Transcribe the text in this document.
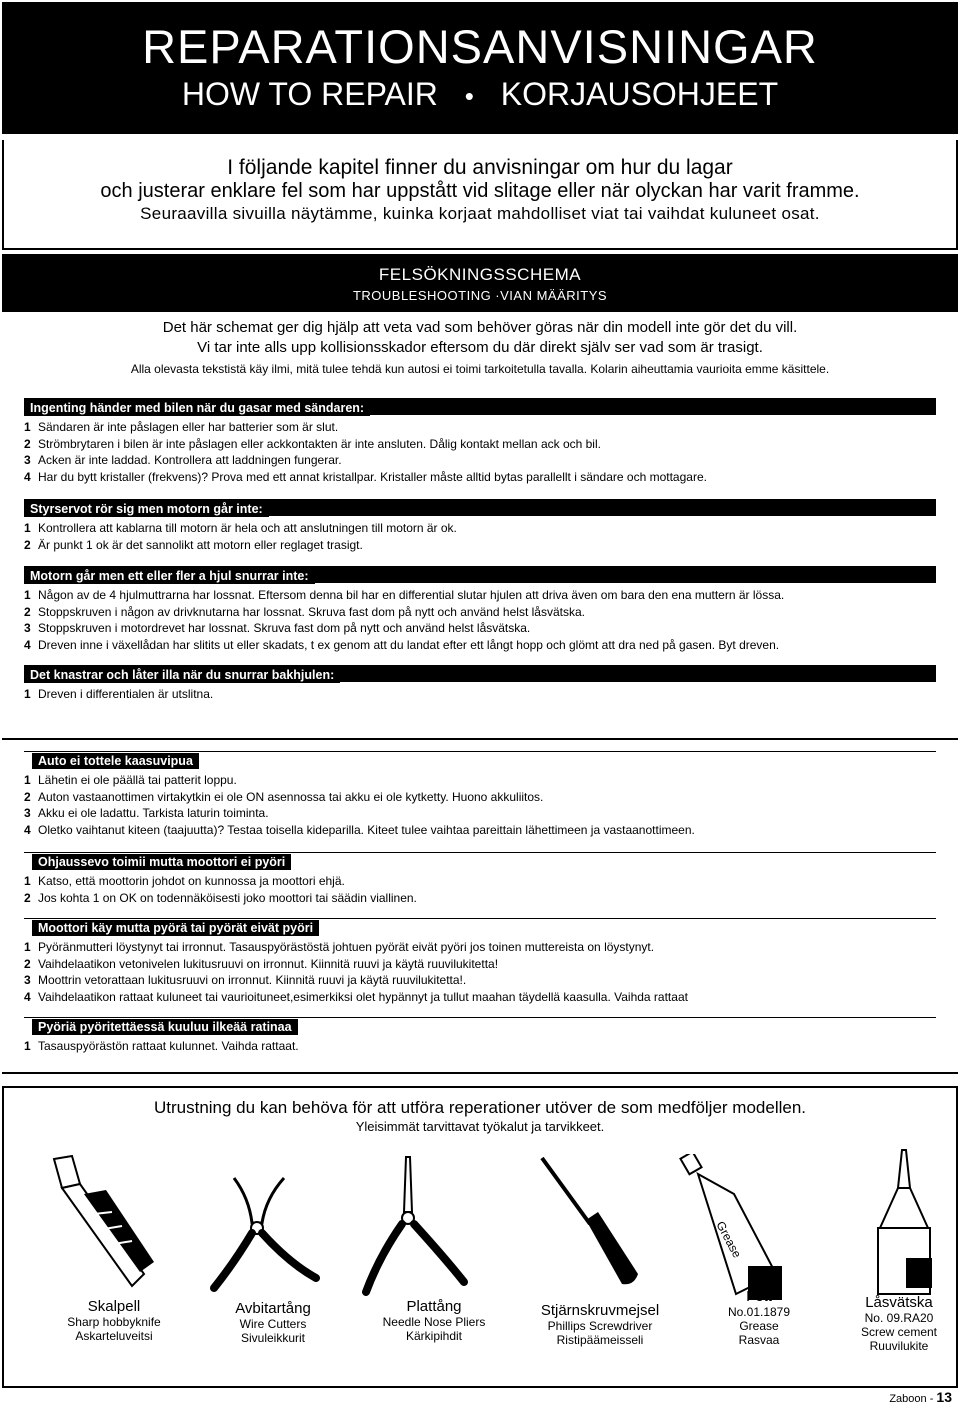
REPARATIONSANVISNINGAR
HOW TO REPAIR • KORJAUSOHJEET
I följande kapitel finner du anvisningar om hur du lagar
och justerar enklare fel som har uppstått vid slitage eller när olyckan har varit framme.
Seuraavilla sivuilla näytämme, kuinka korjaat mahdolliset viat tai vaihdat kuluneet osat.
FELSÖKNINGSSCHEMA
TROUBLESHOOTING ·VIAN MÄÄRITYS
Det här schemat ger dig hjälp att veta vad som behöver göras när din modell inte gör det du vill.
Vi tar inte alls upp kollisionsskador eftersom du där direkt själv ser vad som är trasigt.
Alla olevasta tekstistä käy ilmi, mitä tulee tehdä kun autosi ei toimi tarkoitetulla tavalla. Kolarin aiheuttamia vaurioita emme käsittele.
Ingenting händer med bilen när du gasar med sändaren:
1 Sändaren är inte påslagen eller har batterier som är slut.
2 Strömbrytaren i bilen är inte påslagen eller ackkontakten är inte ansluten. Dålig kontakt mellan ack och bil.
3 Acken är inte laddad. Kontrollera att laddningen fungerar.
4 Har du bytt kristaller (frekvens)? Prova med ett annat kristallpar. Kristaller måste alltid bytas parallellt i sändare och mottagare.
Styrservot rör sig men motorn går inte:
1 Kontrollera att kablarna till motorn är hela och att anslutningen till motorn är ok.
2 Är punkt 1 ok är det sannolikt att motorn eller reglaget trasigt.
Motorn går men ett eller fler a hjul snurrar inte:
1 Någon av de 4 hjulmuttrarna har lossnat. Eftersom denna bil har en differential slutar hjulen att driva även om bara den ena muttern är lössa.
2 Stoppskruven i någon av drivknutarna har lossnat. Skruva fast dom på nytt och använd helst låsvätska.
3 Stoppskruven i motordrevet har lossnat. Skruva fast dom på nytt och använd helst låsvätska.
4 Dreven inne i växellådan har slitits ut eller skadats, t ex genom att du landat efter ett långt hopp och glömt att dra ned på gasen. Byt dreven.
Det knastrar och låter illa när du snurrar bakhjulen:
1 Dreven i differentialen är utslitna.
Auto ei tottele kaasuvipua
1 Lähetin ei ole päällä tai patterit loppu.
2 Auton vastaanottimen virtakytkin ei ole ON asennossa tai akku ei ole kytketty. Huono akkuliitos.
3 Akku ei ole ladattu. Tarkista laturin toiminta.
4 Oletko vaihtanut kiteen (taajuutta)? Testaa toisella kideparilla. Kiteet tulee vaihtaa pareittain lähettimeen ja vastaanottimeen.
Ohjaussevo toimii mutta moottori ei pyöri
1 Katso, että moottorin johdot on kunnossa ja moottori ehjä.
2 Jos kohta 1 on OK on todennäköisesti joko moottori tai säädin viallinen.
Moottori käy mutta pyörä tai pyörät eivät pyöri
1 Pyöränmutteri löystynyt tai irronnut. Tasauspyörästöstä johtuen pyörät eivät pyöri jos toinen muttereista on löystynyt.
2 Vaihdelaatikon vetonivelen lukitusruuvi on irronnut. Kiinnitä ruuvi ja käytä ruuvilukitetta!
3 Moottrin vetorattaan lukitusruuvi on irronnut. Kiinnitä ruuvi ja käytä ruuvilukitetta!.
4 Vaihdelaatikon rattaat kuluneet tai vaurioituneet,esimerkiksi olet hypännyt ja tullut maahan täydellä kaasulla. Vaihda rattaat
Pyöriä pyöritettäessä kuuluu ilkeää ratinaa
1 Tasauspyörästön rattaat kulunnet. Vaihda rattaat.
Utrustning du kan behöva för att utföra reperationer utöver de som medföljer modellen.
Yleisimmät tarvittavat työkalut ja tarvikkeet.
Grease
Skalpell
Sharp hobbyknife
Askarteluveitsi
Avbitartång
Wire Cutters
Sivuleikkurit
Plattång
Needle Nose Pliers
Kärkipihdit
Stjärnskruvmejsel
Phillips Screwdriver
Ristipäämeisseli
Fett
No.01.1879
Grease
Rasvaa
Låsvätska
No. 09.RA20
Screw cement
Ruuvilukite
Zaboon - 13
